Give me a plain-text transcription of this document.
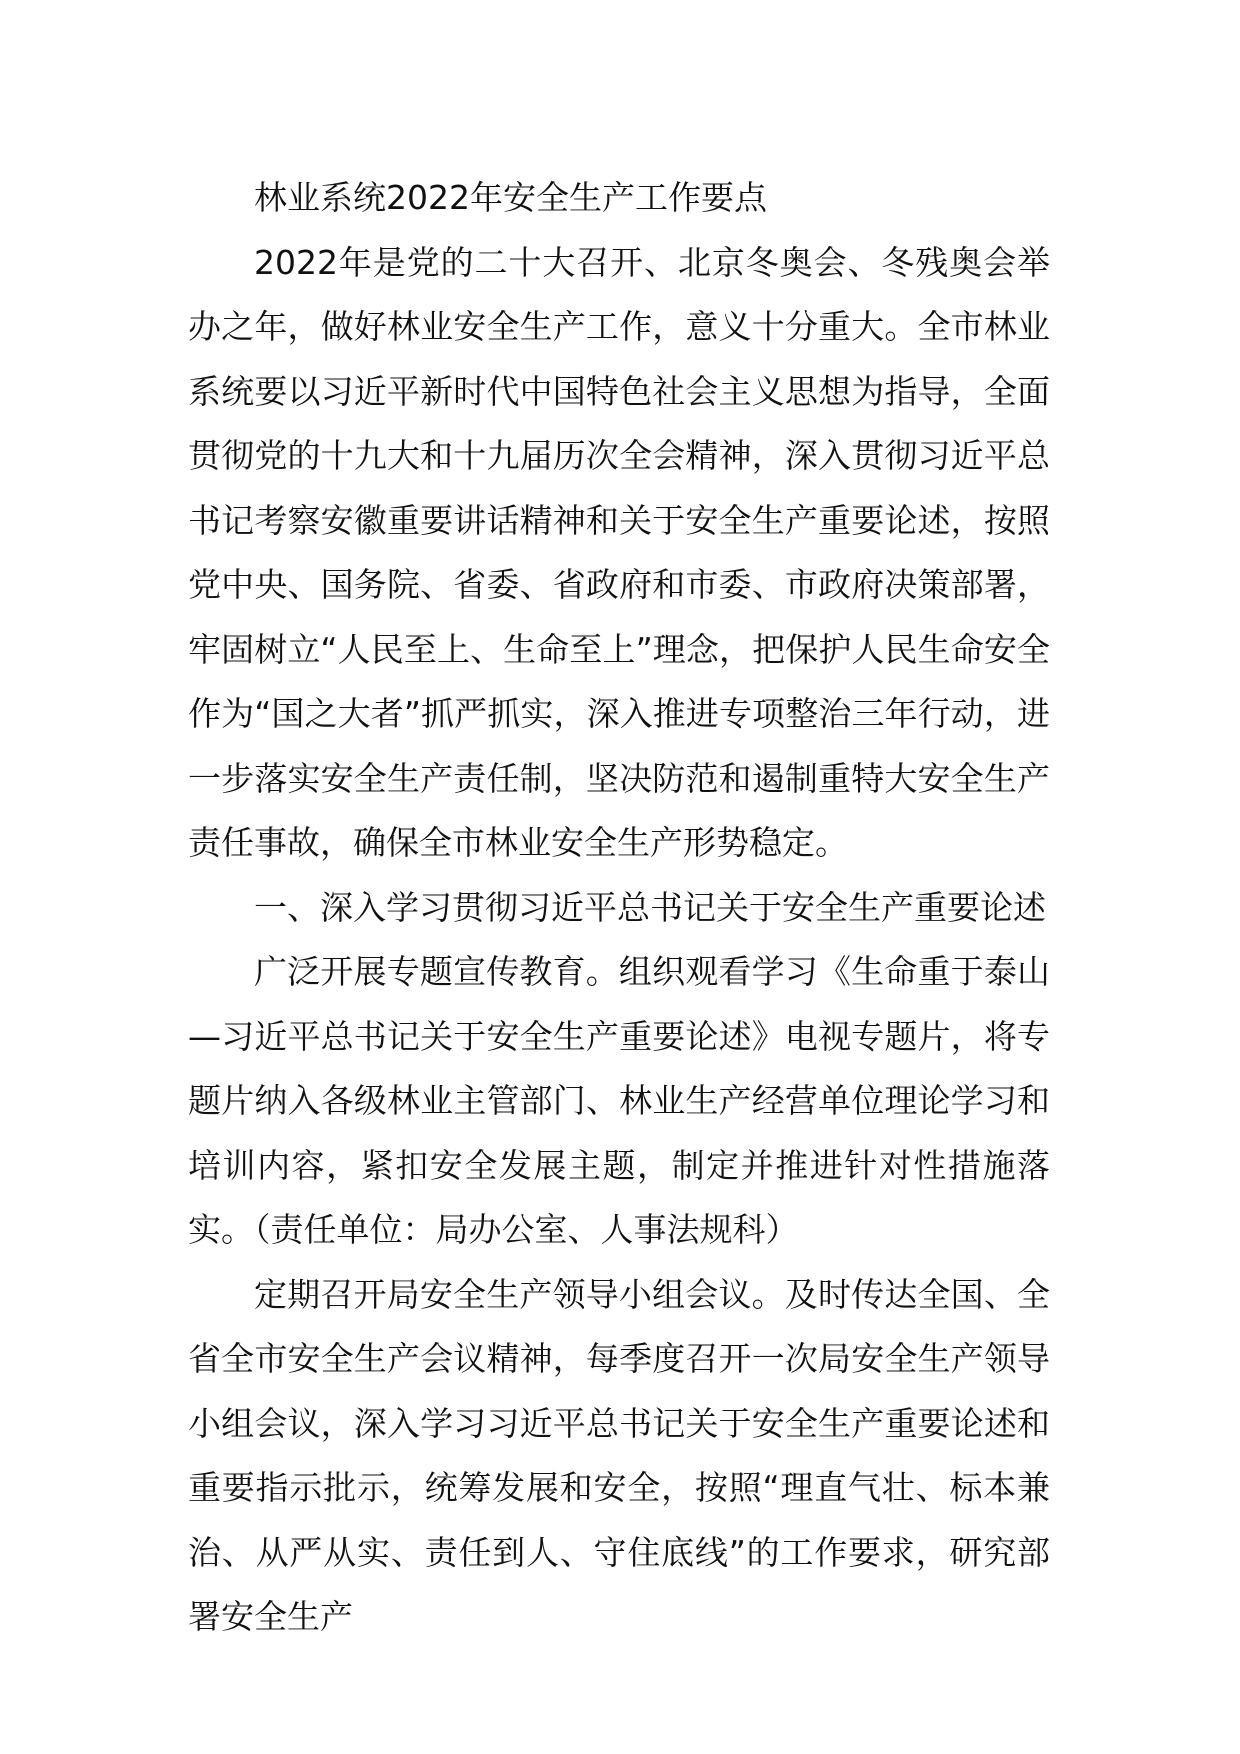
林业系统2022年安全生产工作要点

2022年是党的二十大召开、北京冬奥会、冬残奥会举办之年，做好林业安全生产工作，意义十分重大。全市林业系统要以习近平新时代中国特色社会主义思想为指导，全面贯彻党的十九大和十九届历次全会精神，深入贯彻习近平总书记考察安徽重要讲话精神和关于安全生产重要论述，按照党中央、国务院、省委、省政府和市委、市政府决策部署，牢固树立“人民至上、生命至上”理念，把保护人民生命安全作为“国之大者”抓严抓实，深入推进专项整治三年行动，进一步落实安全生产责任制，坚决防范和遏制重特大安全生产责任事故，确保全市林业安全生产形势稳定。

一、深入学习贯彻习近平总书记关于安全生产重要论述

广泛开展专题宣传教育。组织观看学习《生命重于泰山—习近平总书记关于安全生产重要论述》电视专题片，将专题片纳入各级林业主管部门、林业生产经营单位理论学习和培训内容，紧扣安全发展主题，制定并推进针对性措施落实。（责任单位：局办公室、人事法规科）

定期召开局安全生产领导小组会议。及时传达全国、全省全市安全生产会议精神，每季度召开一次局安全生产领导小组会议，深入学习习近平总书记关于安全生产重要论述和重要指示批示，统筹发展和安全，按照“理直气壮、标本兼治、从严从实、责任到人、守住底线”的工作要求，研究部署安全生产
